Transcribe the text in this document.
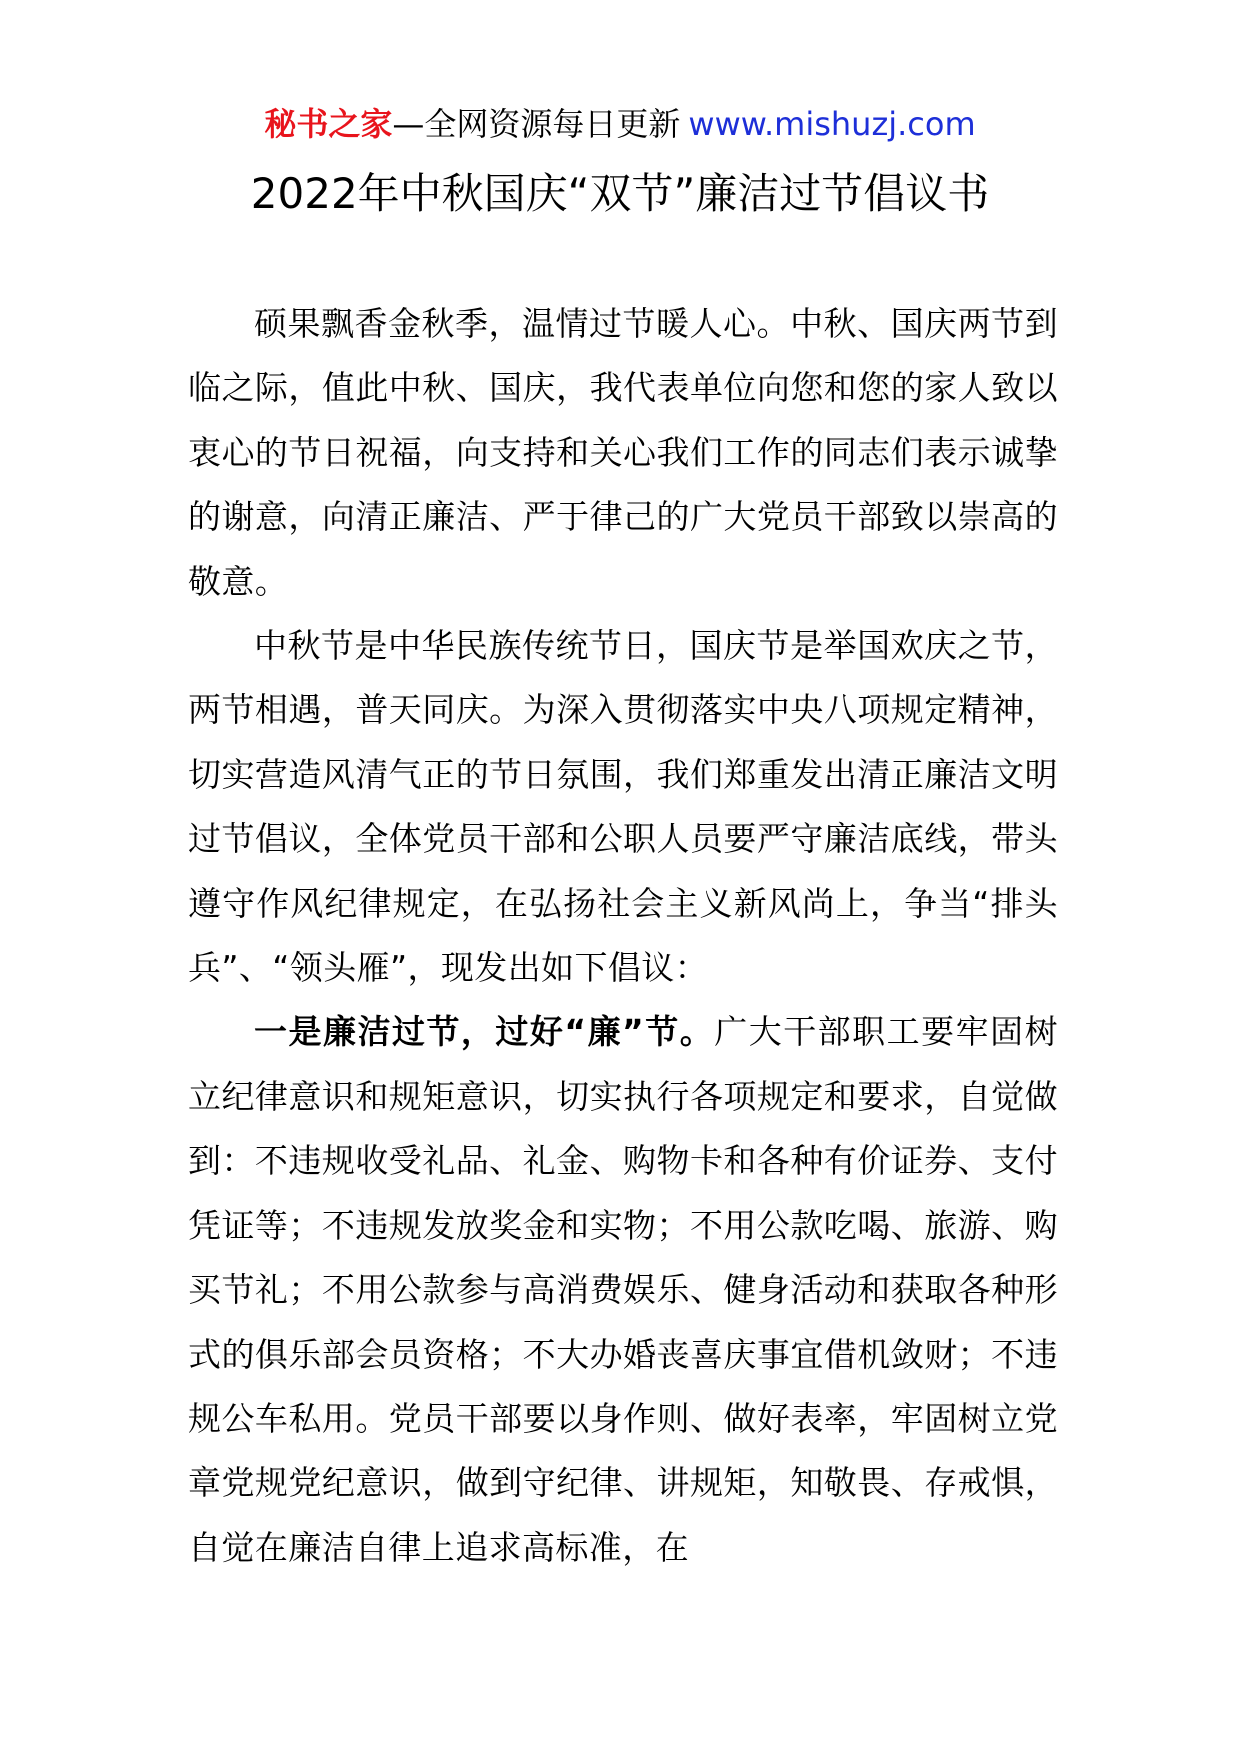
秘书之家—全网资源每日更新 www.mishuzj.com
2022年中秋国庆“双节”廉洁过节倡议书

硕果飘香金秋季，温情过节暖人心。中秋、国庆两节到临之际，值此中秋、国庆，我代表单位向您和您的家人致以衷心的节日祝福，向支持和关心我们工作的同志们表示诚挚的谢意，向清正廉洁、严于律己的广大党员干部致以崇高的敬意。

中秋节是中华民族传统节日，国庆节是举国欢庆之节，两节相遇，普天同庆。为深入贯彻落实中央八项规定精神，切实营造风清气正的节日氛围，我们郑重发出清正廉洁文明过节倡议，全体党员干部和公职人员要严守廉洁底线，带头遵守作风纪律规定，在弘扬社会主义新风尚上，争当“排头兵”、“领头雁”，现发出如下倡议：

一是廉洁过节，过好“廉”节。广大干部职工要牢固树立纪律意识和规矩意识，切实执行各项规定和要求，自觉做到：不违规收受礼品、礼金、购物卡和各种有价证券、支付凭证等；不违规发放奖金和实物；不用公款吃喝、旅游、购买节礼；不用公款参与高消费娱乐、健身活动和获取各种形式的俱乐部会员资格；不大办婚丧喜庆事宜借机敛财；不违规公车私用。党员干部要以身作则、做好表率，牢固树立党章党规党纪意识，做到守纪律、讲规矩，知敬畏、存戒惧，自觉在廉洁自律上追求高标准，在
